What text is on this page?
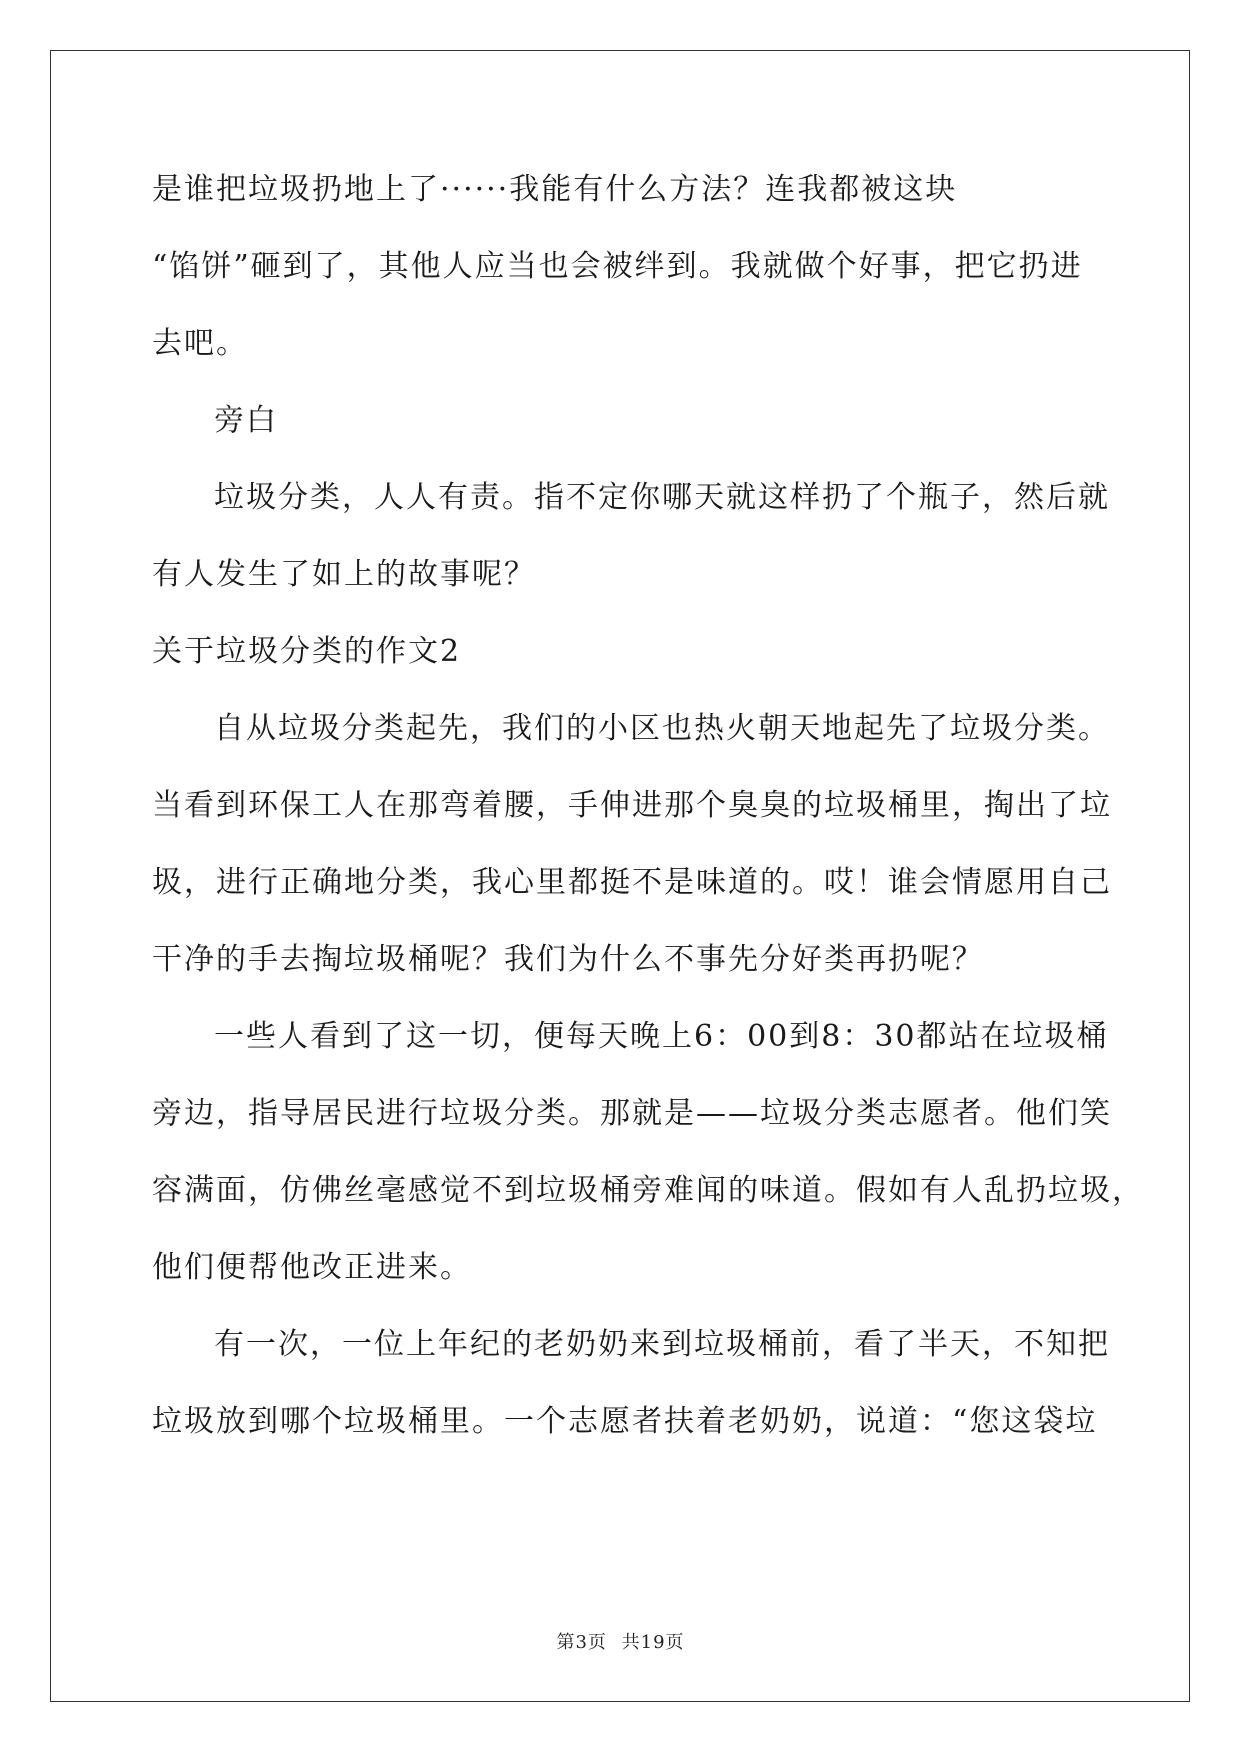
是谁把垃圾扔地上了······我能有什么方法？连我都被这块
“馅饼”砸到了，其他人应当也会被绊到。我就做个好事，把它扔进
去吧。
旁白
垃圾分类，人人有责。指不定你哪天就这样扔了个瓶子，然后就
有人发生了如上的故事呢？
关于垃圾分类的作文2
自从垃圾分类起先，我们的小区也热火朝天地起先了垃圾分类。
当看到环保工人在那弯着腰，手伸进那个臭臭的垃圾桶里，掏出了垃
圾，进行正确地分类，我心里都挺不是味道的。哎！谁会情愿用自己
干净的手去掏垃圾桶呢？我们为什么不事先分好类再扔呢？
一些人看到了这一切，便每天晚上6：00到8：30都站在垃圾桶
旁边，指导居民进行垃圾分类。那就是——垃圾分类志愿者。他们笑
容满面，仿佛丝毫感觉不到垃圾桶旁难闻的味道。假如有人乱扔垃圾，
他们便帮他改正进来。
有一次，一位上年纪的老奶奶来到垃圾桶前，看了半天，不知把
垃圾放到哪个垃圾桶里。一个志愿者扶着老奶奶，说道：“您这袋垃
第3页 共19页
